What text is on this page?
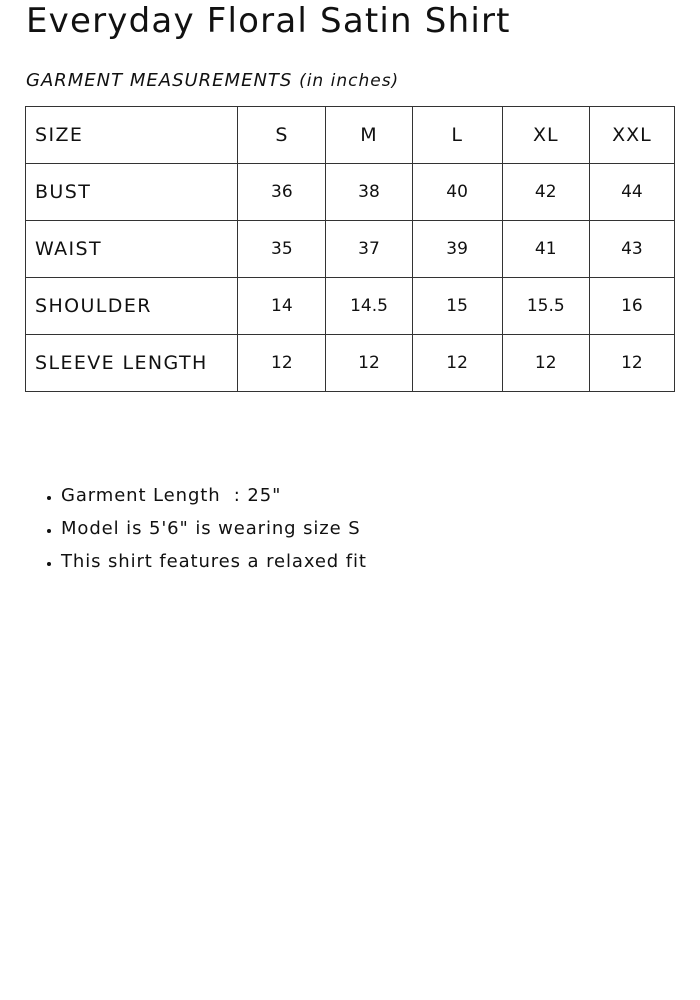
Everyday Floral Satin Shirt

GARMENT MEASUREMENTS (in inches)

SIZE	S	M	L	XL	XXL
BUST	36	38	40	42	44
WAIST	35	37	39	41	43
SHOULDER	14	14.5	15	15.5	16
SLEEVE LENGTH	12	12	12	12	12
• Garment Length  : 25"
• Model is 5'6" is wearing size S
• This shirt features a relaxed fit
